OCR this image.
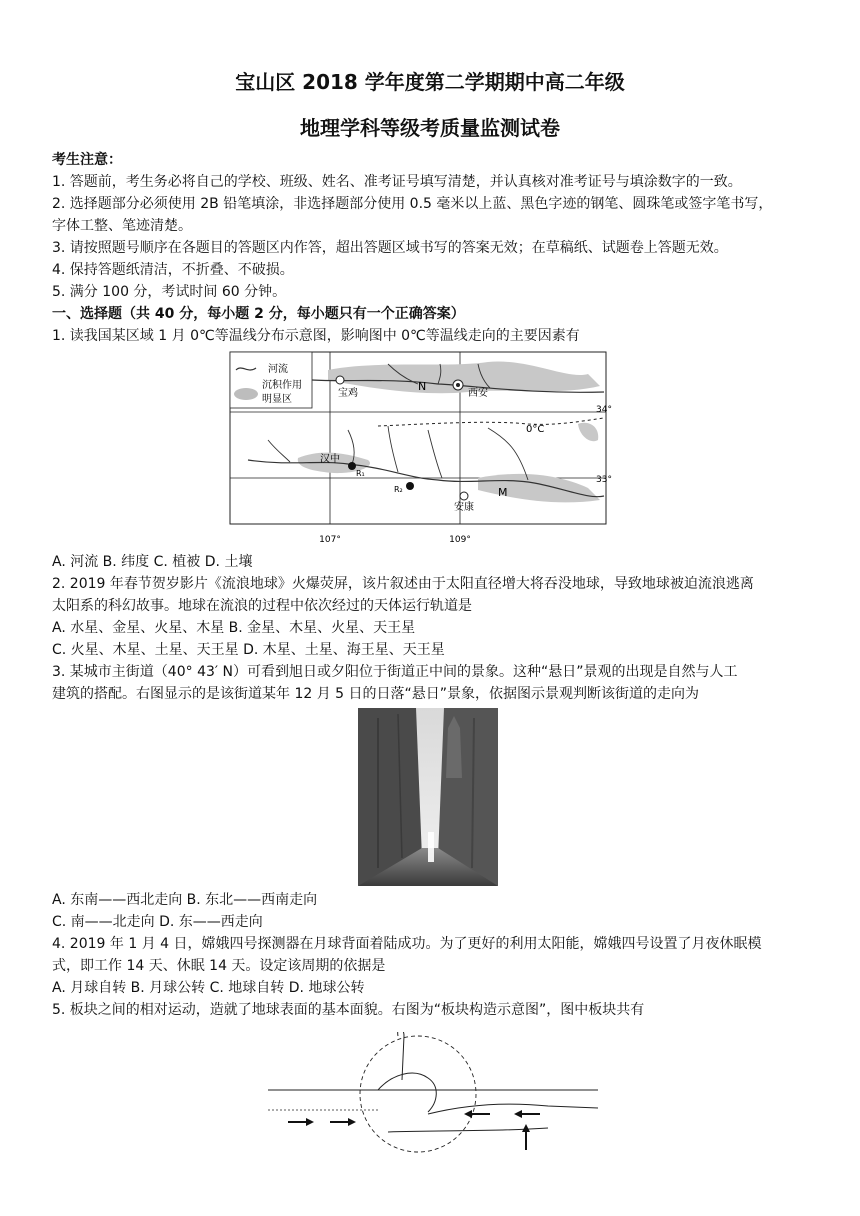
宝山区 2018 学年度第二学期期中高二年级
地理学科等级考质量监测试卷
考生注意：
1. 答题前，考生务必将自己的学校、班级、姓名、准考证号填写清楚，并认真核对准考证号与填涂数字的一致。
2. 选择题部分必须使用 2B 铅笔填涂，非选择题部分使用 0.5 毫米以上蓝、黑色字迹的钢笔、圆珠笔或签字笔书写，
字体工整、笔迹清楚。
3. 请按照题号顺序在各题目的答题区内作答，超出答题区域书写的答案无效；在草稿纸、试题卷上答题无效。
4. 保持答题纸清洁，不折叠、不破损。
5. 满分 100 分，考试时间 60 分钟。
一、选择题（共 40 分，每小题 2 分，每小题只有一个正确答案）
1. 读我国某区域 1 月 0℃等温线分布示意图，影响图中 0℃等温线走向的主要因素有
河流
沉积作用
明显区
宝鸡	西安
汉中
R₁
R₂
安康
N
M
0°C
34°
33°
107°	109°
A. 河流 B. 纬度 C. 植被 D. 土壤
2. 2019 年春节贺岁影片《流浪地球》火爆荧屏，该片叙述由于太阳直径增大将吞没地球，导致地球被迫流浪逃离
太阳系的科幻故事。地球在流浪的过程中依次经过的天体运行轨道是
A. 水星、金星、火星、木星 B. 金星、木星、火星、天王星
C. 火星、木星、土星、天王星 D. 木星、土星、海王星、天王星
3. 某城市主街道（40° 43′ N）可看到旭日或夕阳位于街道正中间的景象。这种“悬日”景观的出现是自然与人工
建筑的搭配。右图显示的是该街道某年 12 月 5 日的日落“悬日”景象，依据图示景观判断该街道的走向为
A. 东南——西北走向 B. 东北——西南走向
C. 南——北走向 D. 东——西走向
4. 2019 年 1 月 4 日，嫦娥四号探测器在月球背面着陆成功。为了更好的利用太阳能，嫦娥四号设置了月夜休眠模
式，即工作 14 天、休眠 14 天。设定该周期的依据是
A. 月球自转 B. 月球公转 C. 地球自转 D. 地球公转
5. 板块之间的相对运动，造就了地球表面的基本面貌。右图为“板块构造示意图”，图中板块共有
